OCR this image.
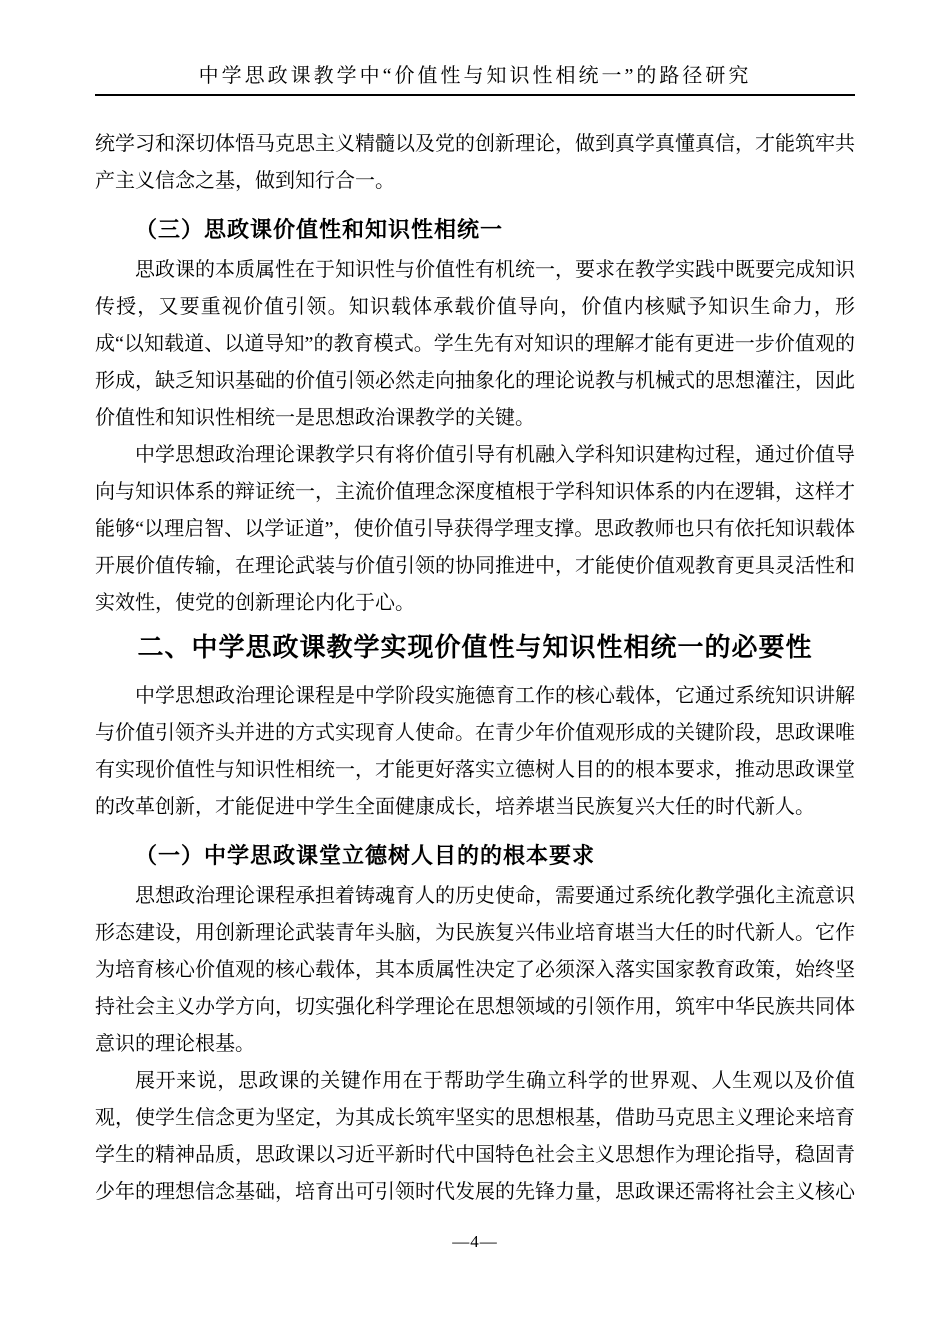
中学思政课教学中“价值性与知识性相统一”的路径研究

统学习和深切体悟马克思主义精髓以及党的创新理论，做到真学真懂真信，才能筑牢共产主义信念之基，做到知行合一。

（三）思政课价值性和知识性相统一

思政课的本质属性在于知识性与价值性有机统一，要求在教学实践中既要完成知识传授，又要重视价值引领。知识载体承载价值导向，价值内核赋予知识生命力，形成“以知载道、以道导知”的教育模式。学生先有对知识的理解才能有更进一步价值观的形成，缺乏知识基础的价值引领必然走向抽象化的理论说教与机械式的思想灌注，因此价值性和知识性相统一是思想政治课教学的关键。

中学思想政治理论课教学只有将价值引导有机融入学科知识建构过程，通过价值导向与知识体系的辩证统一，主流价值理念深度植根于学科知识体系的内在逻辑，这样才能够“以理启智、以学证道”，使价值引导获得学理支撑。思政教师也只有依托知识载体开展价值传输，在理论武装与价值引领的协同推进中，才能使价值观教育更具灵活性和实效性，使党的创新理论内化于心。

二、中学思政课教学实现价值性与知识性相统一的必要性

中学思想政治理论课程是中学阶段实施德育工作的核心载体，它通过系统知识讲解与价值引领齐头并进的方式实现育人使命。在青少年价值观形成的关键阶段，思政课唯有实现价值性与知识性相统一，才能更好落实立德树人目的的根本要求，推动思政课堂的改革创新，才能促进中学生全面健康成长，培养堪当民族复兴大任的时代新人。

（一）中学思政课堂立德树人目的的根本要求

思想政治理论课程承担着铸魂育人的历史使命，需要通过系统化教学强化主流意识形态建设，用创新理论武装青年头脑，为民族复兴伟业培育堪当大任的时代新人。它作为培育核心价值观的核心载体，其本质属性决定了必须深入落实国家教育政策，始终坚持社会主义办学方向，切实强化科学理论在思想领域的引领作用，筑牢中华民族共同体意识的理论根基。

展开来说，思政课的关键作用在于帮助学生确立科学的世界观、人生观以及价值观，使学生信念更为坚定，为其成长筑牢坚实的思想根基，借助马克思主义理论来培育学生的精神品质，思政课以习近平新时代中国特色社会主义思想作为理论指导，稳固青少年的理想信念基础，培育出可引领时代发展的先锋力量，思政课还需将社会主义核心

—4—
